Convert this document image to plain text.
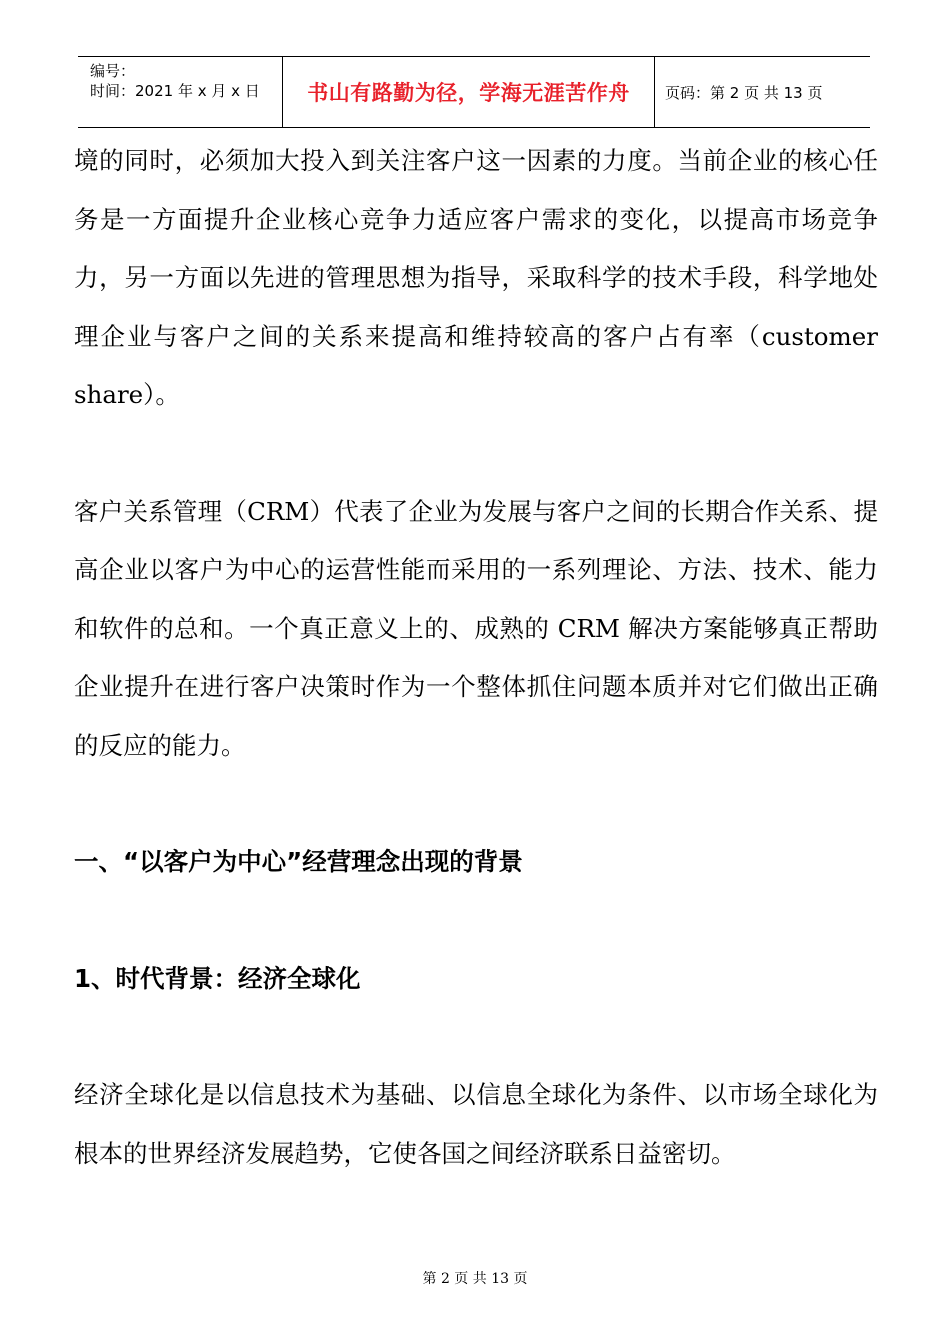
编号：
时间：2021 年 x 月 x 日	书山有路勤为径，学海无涯苦作舟	页码：第 2 页 共 13 页

境的同时，必须加大投入到关注客户这一因素的力度。当前企业的核心任务是一方面提升企业核心竞争力适应客户需求的变化，以提高市场竞争力，另一方面以先进的管理思想为指导，采取科学的技术手段，科学地处理企业与客户之间的关系来提高和维持较高的客户占有率（customer share）。

客户关系管理（CRM）代表了企业为发展与客户之间的长期合作关系、提高企业以客户为中心的运营性能而采用的一系列理论、方法、技术、能力和软件的总和。一个真正意义上的、成熟的 CRM 解决方案能够真正帮助企业提升在进行客户决策时作为一个整体抓住问题本质并对它们做出正确的反应的能力。

一、“以客户为中心”经营理念出现的背景

1、时代背景：经济全球化

经济全球化是以信息技术为基础、以信息全球化为条件、以市场全球化为根本的世界经济发展趋势，它使各国之间经济联系日益密切。

第 2 页 共 13 页
